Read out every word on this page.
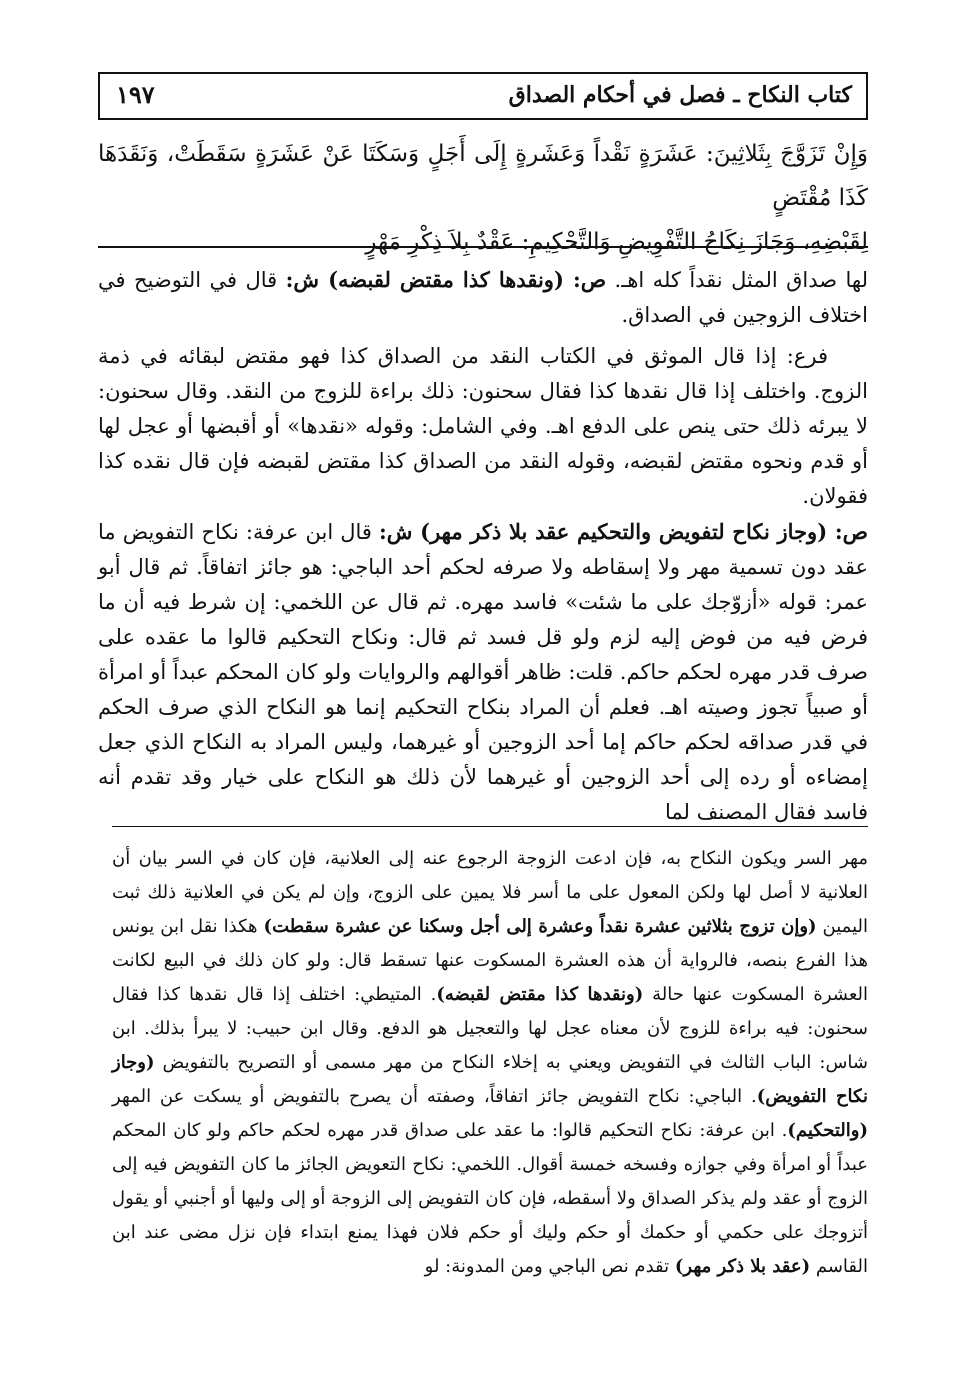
كتاب النكاح ـ فصل في أحكام الصداق
١٩٧
وَإِنْ تَزَوَّجَ بِثَلاثِينَ: عَشَرَةٍ نَقْداً وَعَشَرةٍ إِلَى أَجَلٍ وَسَكَتَا عَنْ عَشَرَةٍ سَقَطَتْ، وَنَقَدَهَا كَذَا مُقْتَضٍ
لِقَبْضِهِ، وَجَازَ نِكَاحُ التَّفْوِيضِ وَالتَّحْكِيمِ: عَقْدٌ بِلاَ ذِكْرِ مَهْرٍ

لها صداق المثل نقداً كله اهـ. ص: (ونقدها كذا مقتض لقبضه) ش: قال في التوضيح في اختلاف الزوجين في الصداق.

فرع: إذا قال الموثق في الكتاب النقد من الصداق كذا فهو مقتض لبقائه في ذمة الزوج. واختلف إذا قال نقدها كذا فقال سحنون: ذلك براءة للزوج من النقد. وقال سحنون: لا يبرئه ذلك حتى ينص على الدفع اهـ. وفي الشامل: وقوله «نقدها» أو أقبضها أو عجل لها أو قدم ونحوه مقتض لقبضه، وقوله النقد من الصداق كذا مقتض لقبضه فإن قال نقده كذا فقولان.

ص: (وجاز نكاح لتفويض والتحكيم عقد بلا ذكر مهر) ش: قال ابن عرفة: نكاح التفويض ما عقد دون تسمية مهر ولا إسقاطه ولا صرفه لحكم أحد الباجي: هو جائز اتفاقاً. ثم قال أبو عمر: قوله «أزوّجك على ما شئت» فاسد مهره. ثم قال عن اللخمي: إن شرط فيه أن ما فرض فيه من فوض إليه لزم ولو قل فسد ثم قال: ونكاح التحكيم قالوا ما عقده على صرف قدر مهره لحكم حاكم. قلت: ظاهر أقوالهم والروايات ولو كان المحكم عبداً أو امرأة أو صبياً تجوز وصيته اهـ. فعلم أن المراد بنكاح التحكيم إنما هو النكاح الذي صرف الحكم في قدر صداقه لحكم حاكم إما أحد الزوجين أو غيرهما، وليس المراد به النكاح الذي جعل إمضاءه أو رده إلى أحد الزوجين أو غيرهما لأن ذلك هو النكاح على خيار وقد تقدم أنه فاسد فقال المصنف لما

مهر السر ويكون النكاح به، فإن ادعت الزوجة الرجوع عنه إلى العلانية، فإن كان في السر بيان أن العلانية لا أصل لها ولكن المعول على ما أسر فلا يمين على الزوج، وإن لم يكن في العلانية ذلك ثبت اليمين (وإن تزوج بثلاثين عشرة نقداً وعشرة إلى أجل وسكنا عن عشرة سقطت) هكذا نقل ابن يونس هذا الفرع بنصه، فالرواية أن هذه العشرة المسكوت عنها تسقط قال: ولو كان ذلك في البيع لكانت العشرة المسكوت عنها حالة (ونقدها كذا مقتض لقبضه). المتيطي: اختلف إذا قال نقدها كذا فقال سحنون: فيه براءة للزوج لأن معناه عجل لها والتعجيل هو الدفع. وقال ابن حبيب: لا يبرأ بذلك. ابن شاس: الباب الثالث في التفويض ويعني به إخلاء النكاح من مهر مسمى أو التصريح بالتفويض (وجاز نكاح التفويض). الباجي: نكاح التفويض جائز اتفاقاً، وصفته أن يصرح بالتفويض أو يسكت عن المهر (والتحكيم). ابن عرفة: نكاح التحكيم قالوا: ما عقد على صداق قدر مهره لحكم حاكم ولو كان المحكم عبداً أو امرأة وفي جوازه وفسخه خمسة أقوال. اللخمي: نكاح التعويض الجائز ما كان التفويض فيه إلى الزوج أو عقد ولم يذكر الصداق ولا أسقطه، فإن كان التفويض إلى الزوجة أو إلى وليها أو أجنبي أو يقول أتزوجك على حكمي أو حكمك أو حكم وليك أو حكم فلان فهذا يمنع ابتداء فإن نزل مضى عند ابن القاسم (عقد بلا ذكر مهر) تقدم نص الباجي ومن المدونة: لو
